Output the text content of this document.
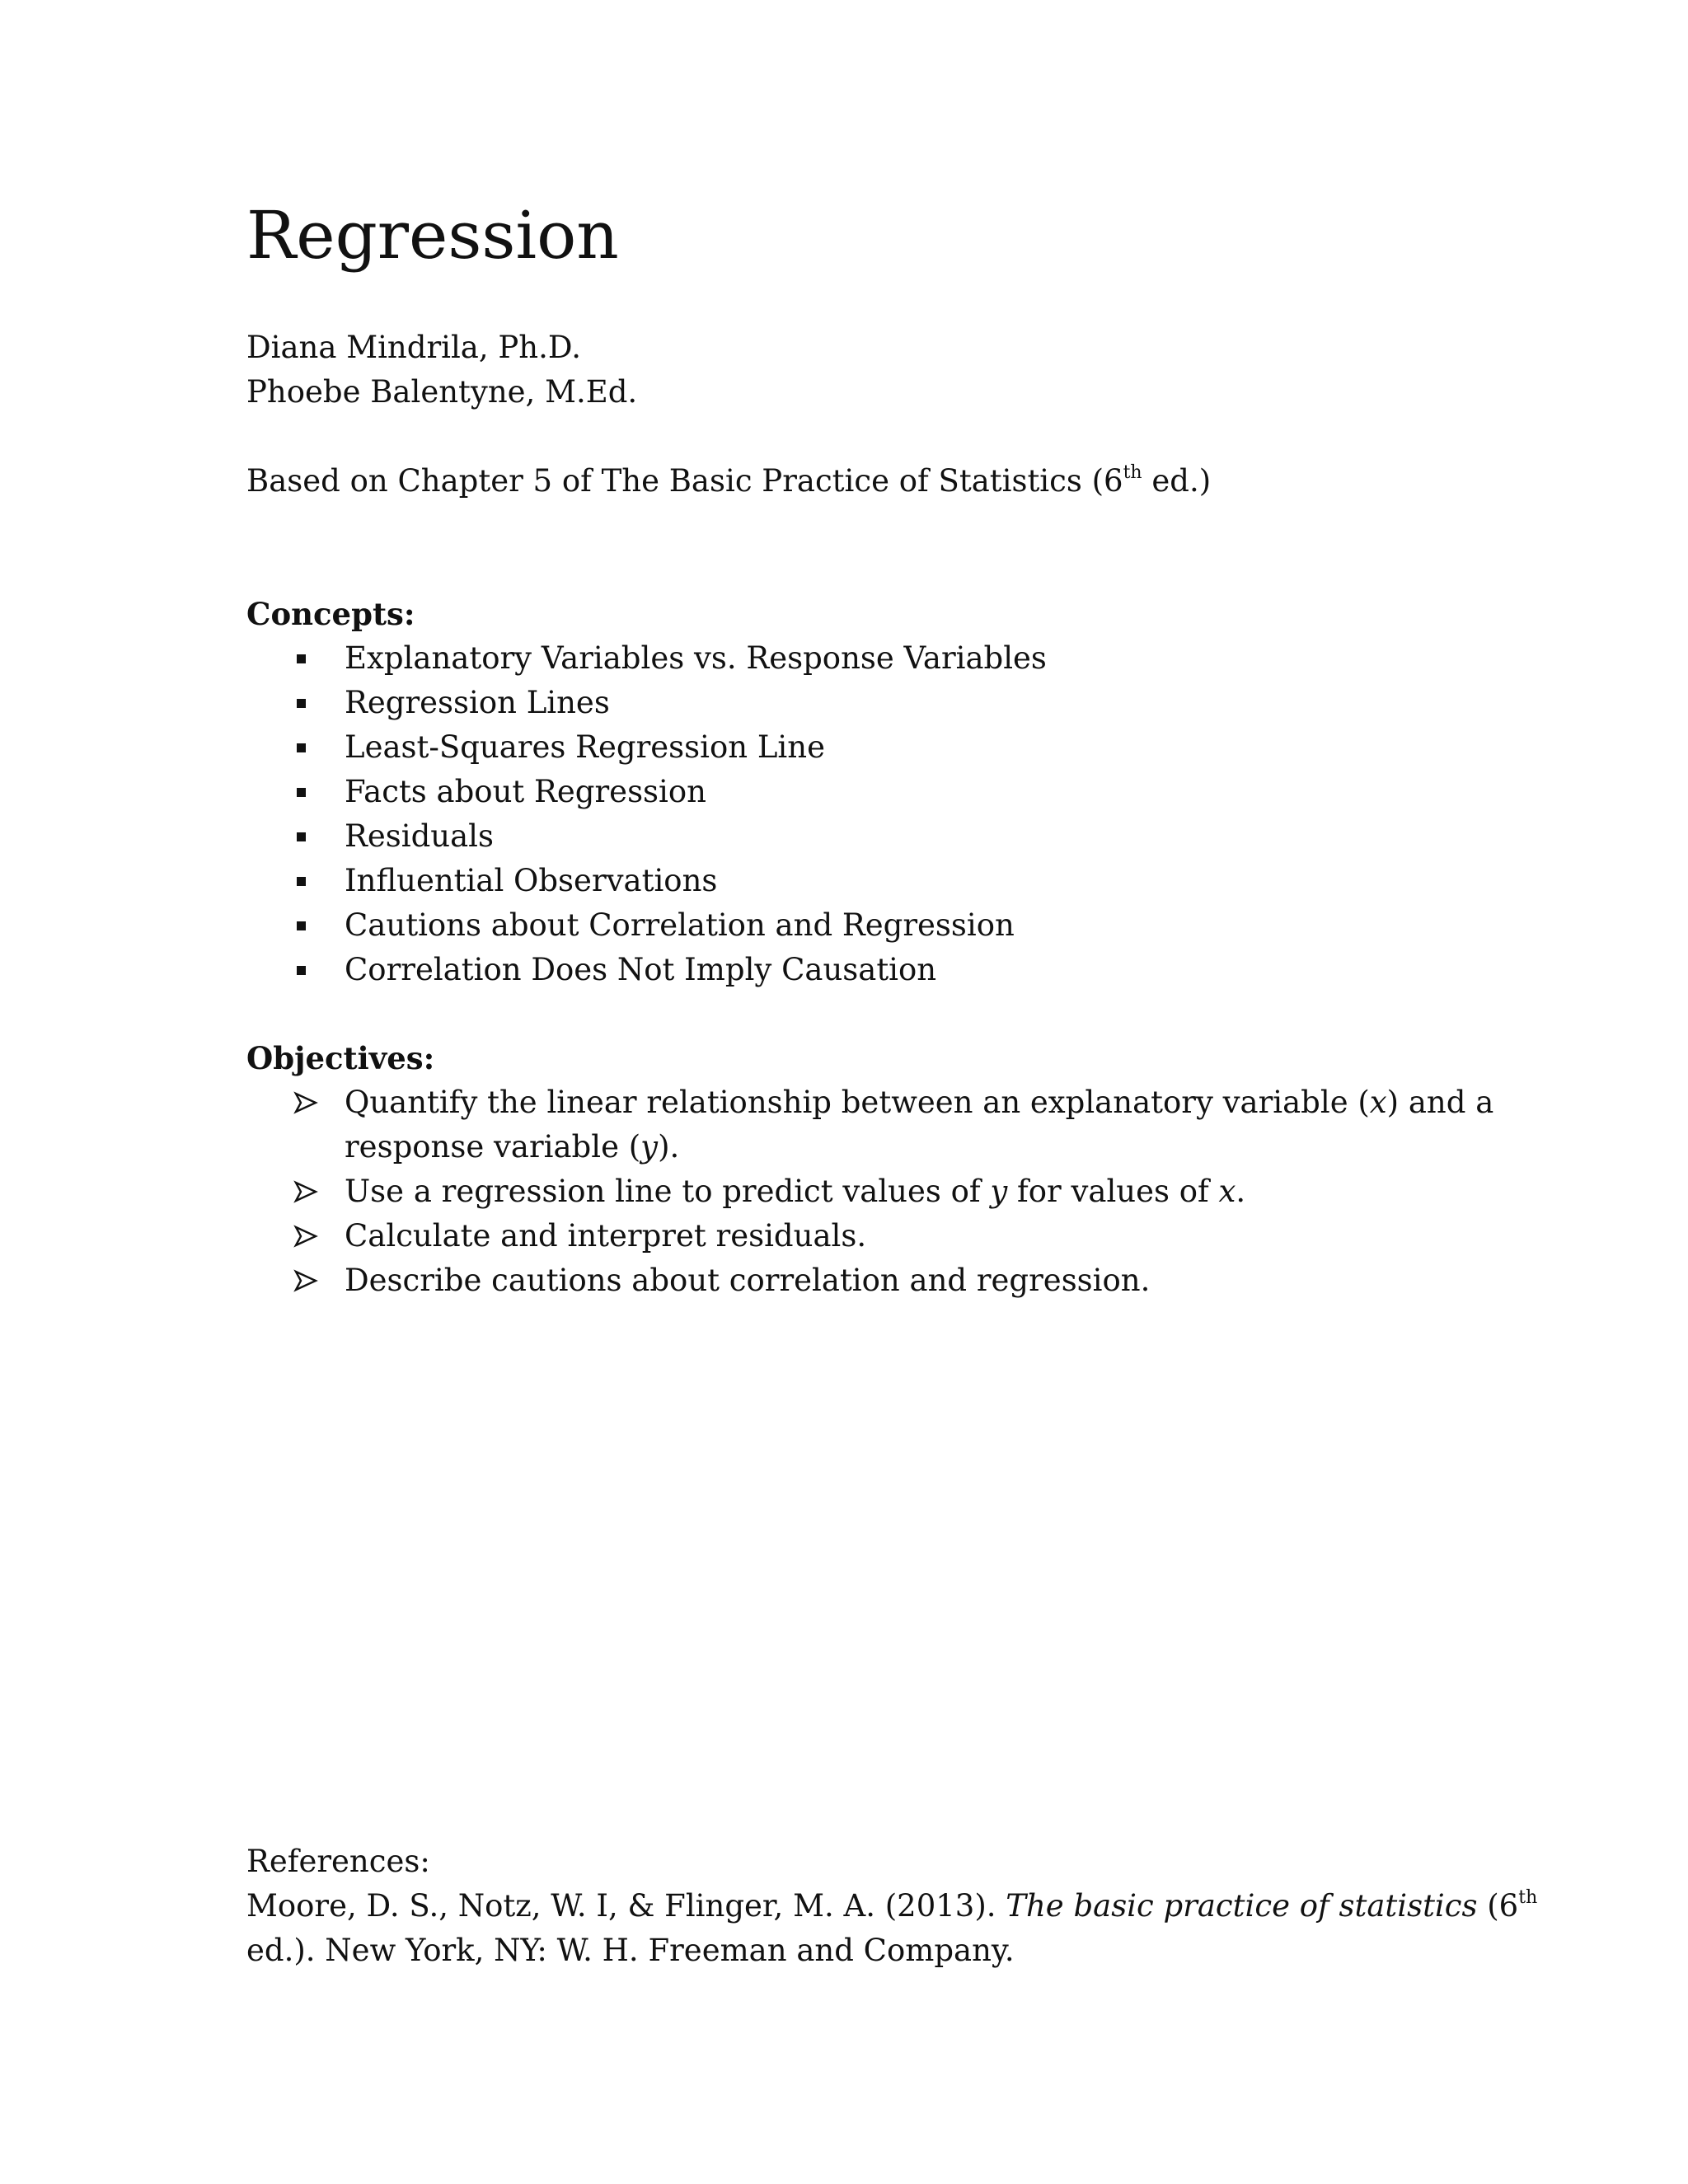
Regression
Diana Mindrila, Ph.D.
Phoebe Balentyne, M.Ed.
Based on Chapter 5 of The Basic Practice of Statistics (6th ed.)
Concepts:
Explanatory Variables vs. Response Variables
Regression Lines
Least-Squares Regression Line
Facts about Regression
Residuals
Influential Observations
Cautions about Correlation and Regression
Correlation Does Not Imply Causation
Objectives:
Quantify the linear relationship between an explanatory variable (x) and a
response variable (y).
Use a regression line to predict values of y for values of x.
Calculate and interpret residuals.
Describe cautions about correlation and regression.
References:
Moore, D. S., Notz, W. I, & Flinger, M. A. (2013). The basic practice of statistics (6th
ed.). New York, NY: W. H. Freeman and Company.
